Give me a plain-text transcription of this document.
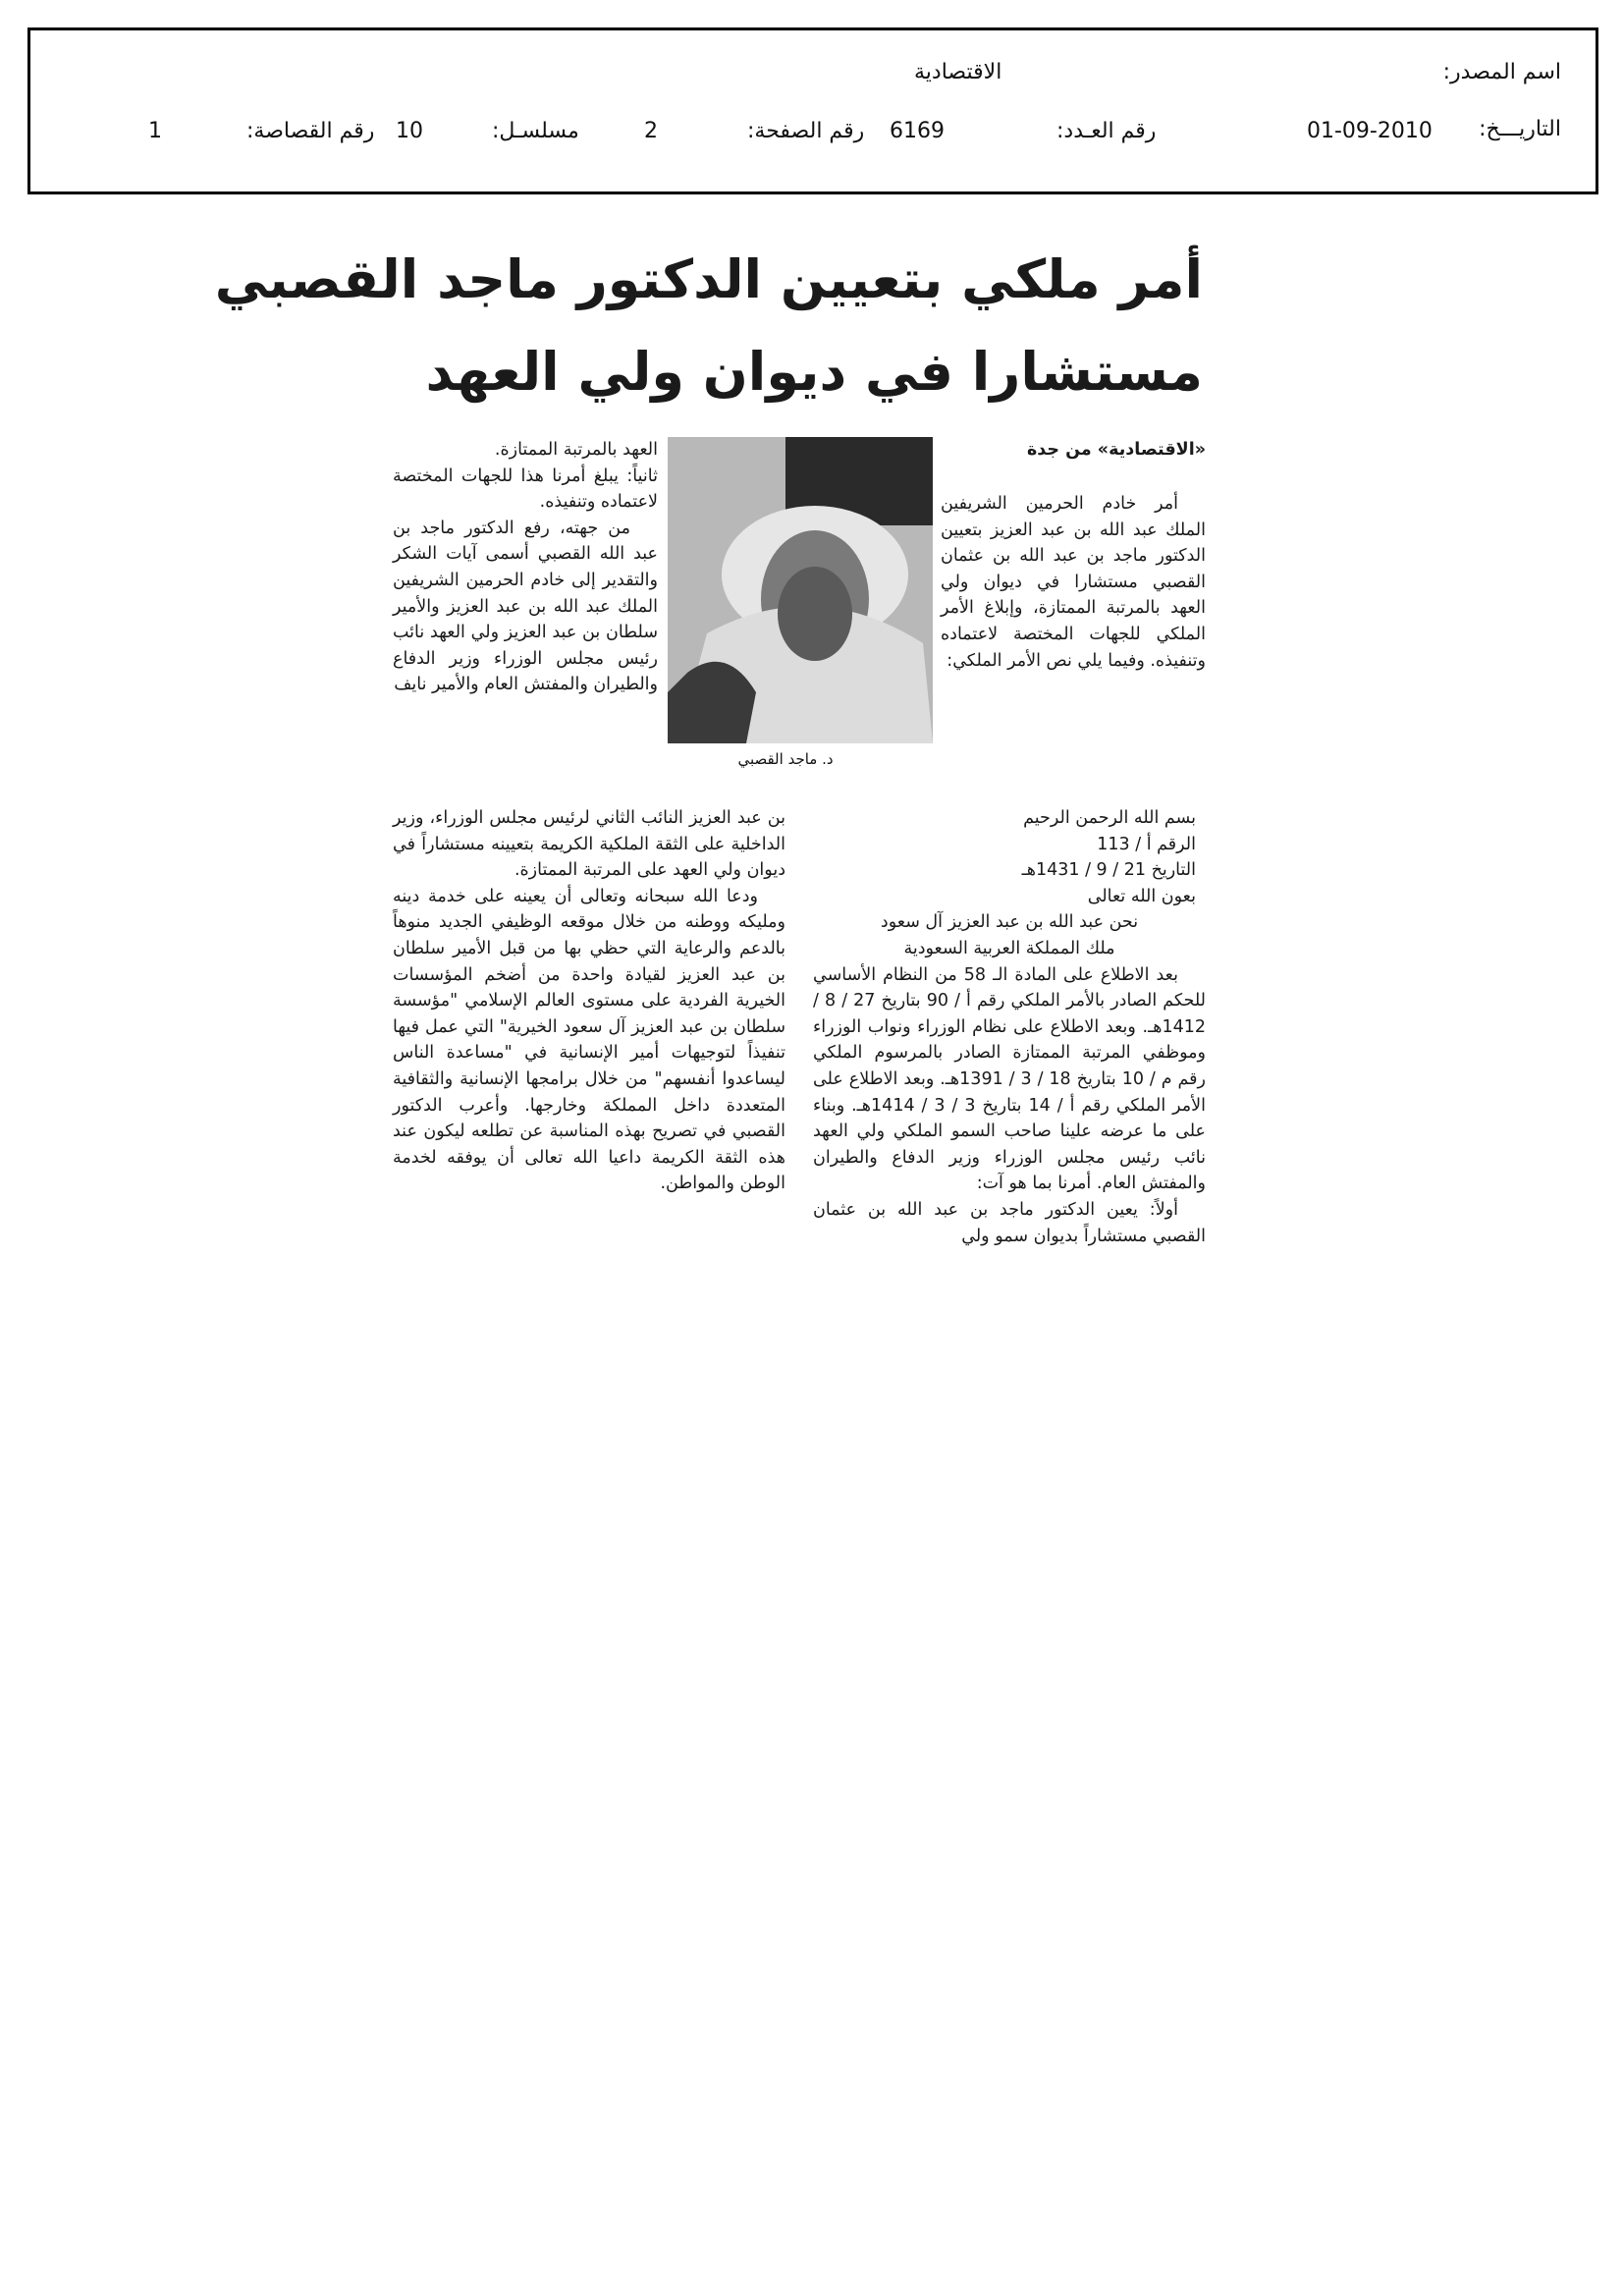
اسم المصدر:
الاقتصادية
التاريـــخ:
01-09-2010
رقم العـدد:
6169
رقم الصفحة:
2
مسلسـل:
10
رقم القصاصة:
1
أمر ملكي بتعيين الدكتور ماجد القصبي
مستشارا في ديوان ولي العهد
د. ماجد القصبي

«الاقتصادية» من جدة

أمر خادم الحرمين الشريفين الملك عبد الله بن عبد العزيز بتعيين الدكتور ماجد بن عبد الله بن عثمان القصبي مستشارا في ديوان ولي العهد بالمرتبة الممتازة، وإبلاغ الأمر الملكي للجهات المختصة لاعتماده وتنفيذه. وفيما يلي نص الأمر الملكي:

بسم الله الرحمن الرحيم

الرقم أ / 113

التاريخ 21 / 9 / 1431هـ

بعون الله تعالى

نحن عبد الله بن عبد العزيز آل سعود

ملك المملكة العربية السعودية

بعد الاطلاع على المادة الـ 58 من النظام الأساسي للحكم الصادر بالأمر الملكي رقم أ / 90 بتاريخ 27 / 8 / 1412هـ. وبعد الاطلاع على نظام الوزراء ونواب الوزراء وموظفي المرتبة الممتازة الصادر بالمرسوم الملكي رقم م / 10 بتاريخ 18 / 3 / 1391هـ. وبعد الاطلاع على الأمر الملكي رقم أ / 14 بتاريخ 3 / 3 / 1414هـ. وبناء على ما عرضه علينا صاحب السمو الملكي ولي العهد نائب رئيس مجلس الوزراء وزير الدفاع والطيران والمفتش العام. أمرنا بما هو آت:

أولاً: يعين الدكتور ماجد بن عبد الله بن عثمان القصبي مستشاراً بديوان سمو ولي

العهد بالمرتبة الممتازة.

ثانياً: يبلغ أمرنا هذا للجهات المختصة لاعتماده وتنفيذه.

من جهته، رفع الدكتور ماجد بن عبد الله القصبي أسمى آيات الشكر والتقدير إلى خادم الحرمين الشريفين الملك عبد الله بن عبد العزيز والأمير سلطان بن عبد العزيز ولي العهد نائب رئيس مجلس الوزراء وزير الدفاع والطيران والمفتش العام والأمير نايف

بن عبد العزيز النائب الثاني لرئيس مجلس الوزراء، وزير الداخلية على الثقة الملكية الكريمة بتعيينه مستشاراً في ديوان ولي العهد على المرتبة الممتازة.

ودعا الله سبحانه وتعالى أن يعينه على خدمة دينه ومليكه ووطنه من خلال موقعه الوظيفي الجديد منوهاً بالدعم والرعاية التي حظي بها من قبل الأمير سلطان بن عبد العزيز لقيادة واحدة من أضخم المؤسسات الخيرية الفردية على مستوى العالم الإسلامي "مؤسسة سلطان بن عبد العزيز آل سعود الخيرية" التي عمل فيها تنفيذاً لتوجيهات أمير الإنسانية في "مساعدة الناس ليساعدوا أنفسهم" من خلال برامجها الإنسانية والثقافية المتعددة داخل المملكة وخارجها. وأعرب الدكتور القصبي في تصريح بهذه المناسبة عن تطلعه ليكون عند هذه الثقة الكريمة داعيا الله تعالى أن يوفقه لخدمة الوطن والمواطن.
